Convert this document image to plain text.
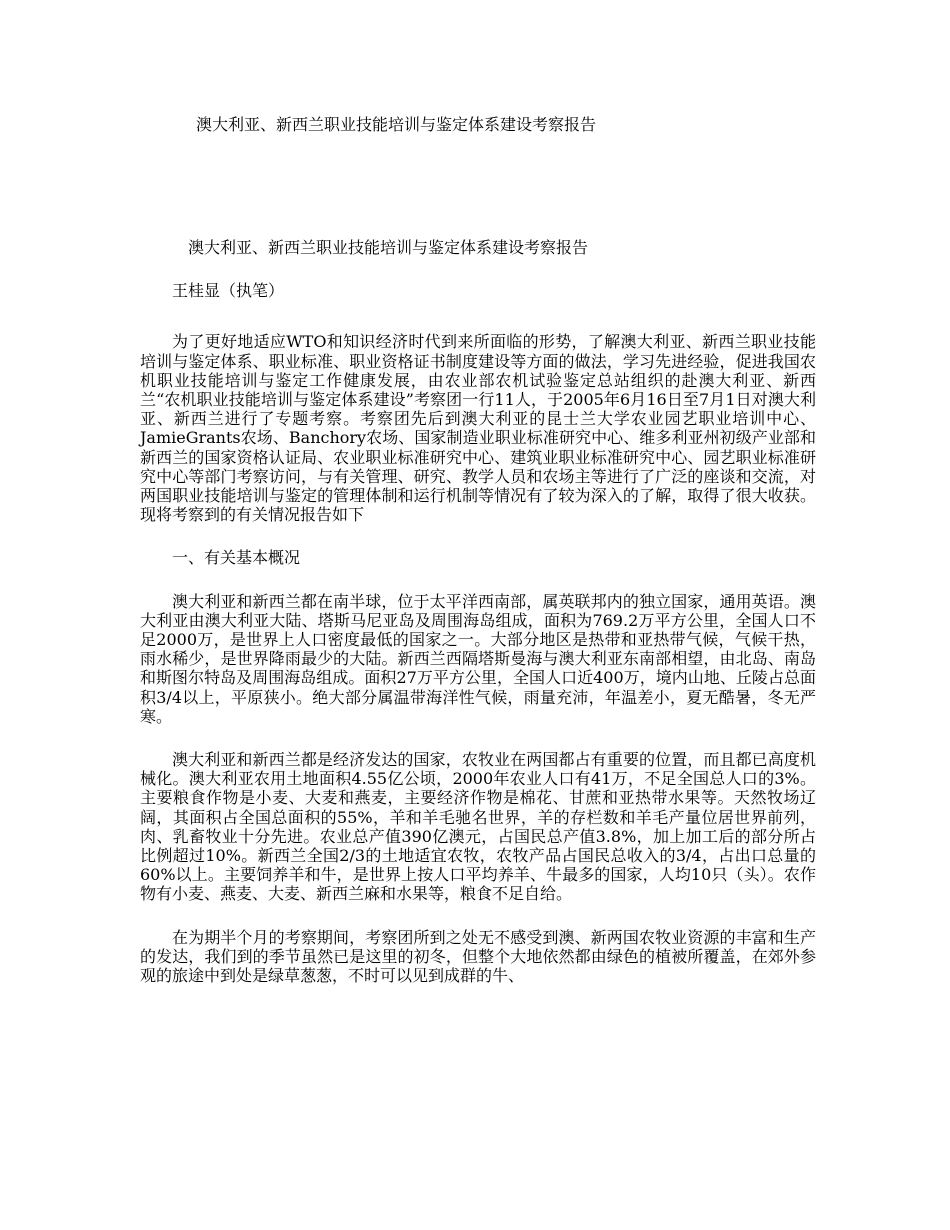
澳大利亚、新西兰职业技能培训与鉴定体系建设考察报告

澳大利亚、新西兰职业技能培训与鉴定体系建设考察报告

王桂显（执笔）

为了更好地适应WTO和知识经济时代到来所面临的形势，了解澳大利亚、新西兰职业技能培训与鉴定体系、职业标准、职业资格证书制度建设等方面的做法，学习先进经验，促进我国农机职业技能培训与鉴定工作健康发展，由农业部农机试验鉴定总站组织的赴澳大利亚、新西兰“农机职业技能培训与鉴定体系建设”考察团一行11人，于2005年6月16日至7月1日对澳大利亚、新西兰进行了专题考察。考察团先后到澳大利亚的昆士兰大学农业园艺职业培训中心、JamieGrants农场、Banchory农场、国家制造业职业标准研究中心、维多利亚州初级产业部和新西兰的国家资格认证局、农业职业标准研究中心、建筑业职业标准研究中心、园艺职业标准研究中心等部门考察访问，与有关管理、研究、教学人员和农场主等进行了广泛的座谈和交流，对两国职业技能培训与鉴定的管理体制和运行机制等情况有了较为深入的了解，取得了很大收获。现将考察到的有关情况报告如下

一、有关基本概况

澳大利亚和新西兰都在南半球，位于太平洋西南部，属英联邦内的独立国家，通用英语。澳大利亚由澳大利亚大陆、塔斯马尼亚岛及周围海岛组成，面积为769.2万平方公里，全国人口不足2000万，是世界上人口密度最低的国家之一。大部分地区是热带和亚热带气候，气候干热，雨水稀少，是世界降雨最少的大陆。新西兰西隔塔斯曼海与澳大利亚东南部相望，由北岛、南岛和斯图尔特岛及周围海岛组成。面积27万平方公里，全国人口近400万，境内山地、丘陵占总面积3/4以上，平原狭小。绝大部分属温带海洋性气候，雨量充沛，年温差小，夏无酷暑，冬无严寒。

澳大利亚和新西兰都是经济发达的国家，农牧业在两国都占有重要的位置，而且都已高度机械化。澳大利亚农用土地面积4.55亿公顷，2000年农业人口有41万，不足全国总人口的3%。主要粮食作物是小麦、大麦和燕麦，主要经济作物是棉花、甘蔗和亚热带水果等。天然牧场辽阔，其面积占全国总面积的55%，羊和羊毛驰名世界，羊的存栏数和羊毛产量位居世界前列，肉、乳畜牧业十分先进。农业总产值390亿澳元，占国民总产值3.8%，加上加工后的部分所占比例超过10%。新西兰全国2/3的土地适宜农牧，农牧产品占国民总收入的3/4，占出口总量的60%以上。主要饲养羊和牛，是世界上按人口平均养羊、牛最多的国家，人均10只（头）。农作物有小麦、燕麦、大麦、新西兰麻和水果等，粮食不足自给。

在为期半个月的考察期间，考察团所到之处无不感受到澳、新两国农牧业资源的丰富和生产的发达，我们到的季节虽然已是这里的初冬，但整个大地依然都由绿色的植被所覆盖，在郊外参观的旅途中到处是绿草葱葱，不时可以见到成群的牛、
